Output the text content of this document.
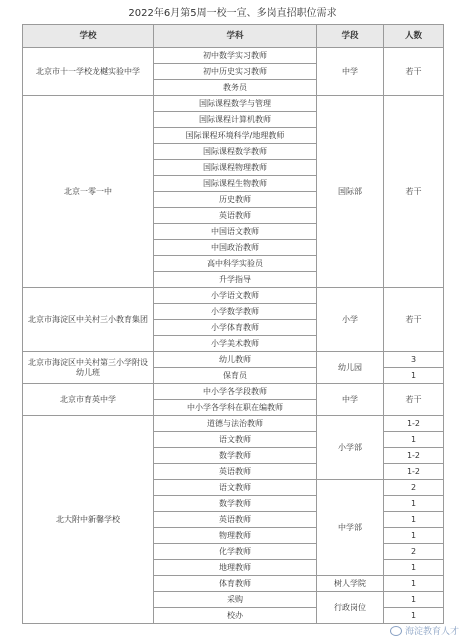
2022年6月第5周一校一宣、多岗直招职位需求
学校	学科	学段	人数
北京市十一学校龙樾实验中学	初中数学实习教师	中学	若干
	初中历史实习教师		
	教务员		
北京一零一中	国际课程数学与管理	国际部	若干
	国际课程计算机教师		
	国际课程环境科学/地理教师		
	国际课程数学教师		
	国际课程物理教师		
	国际课程生物教师		
	历史教师		
	英语教师		
	中国语文教师		
	中国政治教师		
	高中科学实验员		
	升学指导		
北京市海淀区中关村三小教育集团	小学语文教师	小学	若干
	小学数学教师		
	小学体育教师		
	小学美术教师		
北京市海淀区中关村第三小学附设幼儿班	幼儿教师	幼儿园	3
	保育员		1
北京市育英中学	中小学各学段教师	中学	若干
	中小学各学科在职在编教师		
北大附中新馨学校	道德与法治教师	小学部	1-2
	语文教师		1
	数学教师		1-2
	英语教师		1-2
	语文教师	中学部	2
	数学教师		1
	英语教师		1
	物理教师		1
	化学教师		2
	地理教师		1
	体育教师	树人学院	1
	采购	行政岗位	1
	校办		1
海淀教育人才
